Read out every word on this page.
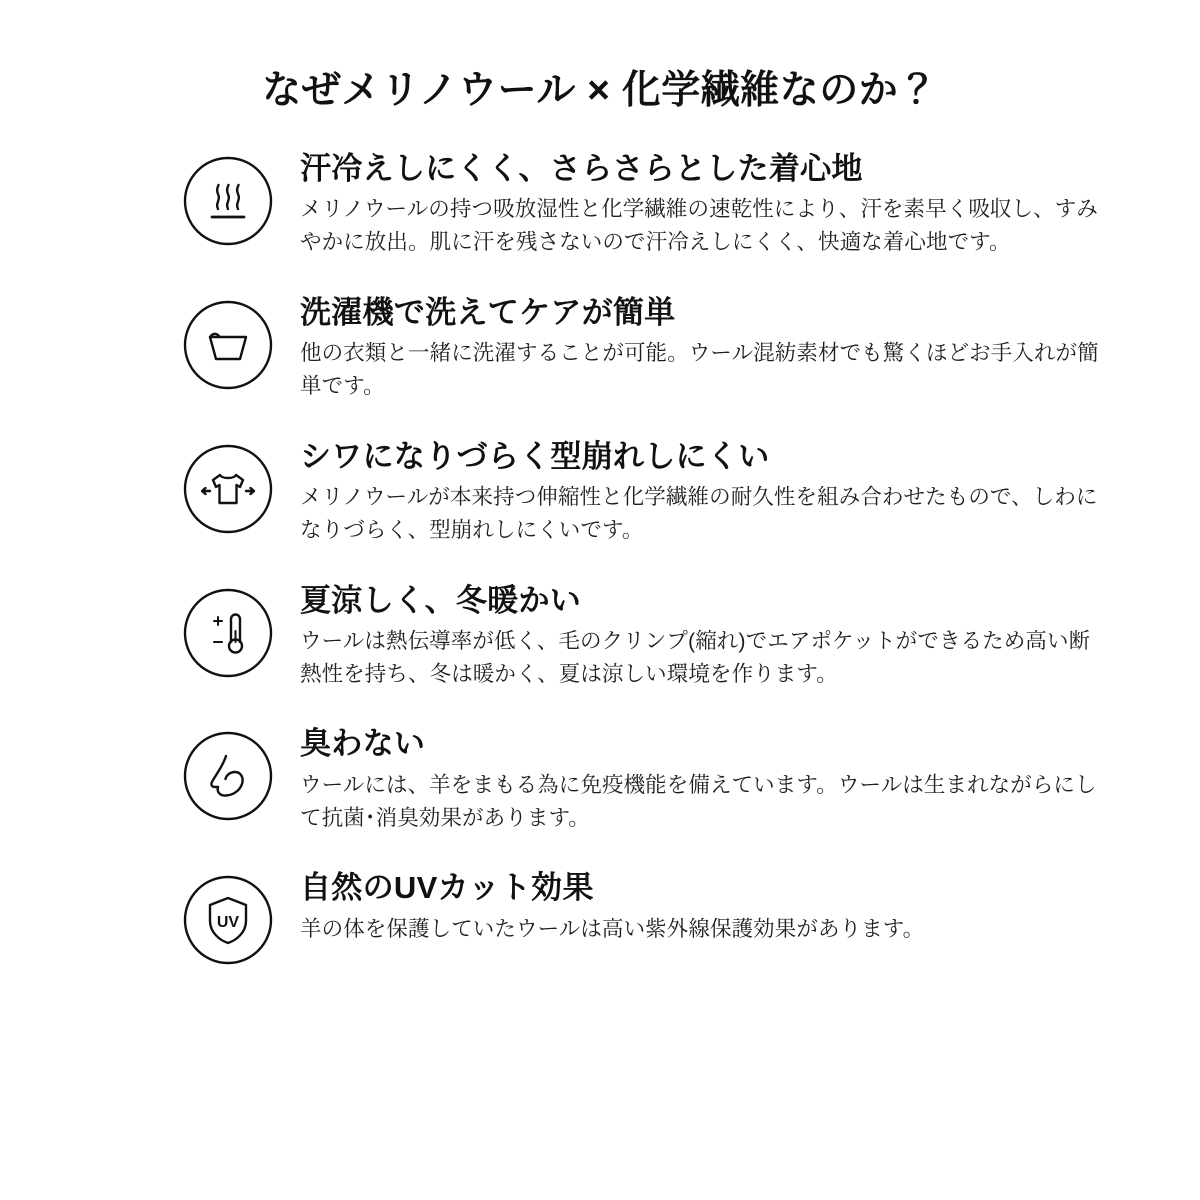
なぜメリノウール × 化学繊維なのか？
汗冷えしにくく、さらさらとした着心地

メリノウールの持つ吸放湿性と化学繊維の速乾性により、汗を素早く吸収し、すみやかに放出。肌に汗を残さないので汗冷えしにくく、快適な着心地です。

洗濯機で洗えてケアが簡単

他の衣類と一緒に洗濯することが可能。ウール混紡素材でも驚くほどお手入れが簡単です。

シワになりづらく型崩れしにくい

メリノウールが本来持つ伸縮性と化学繊維の耐久性を組み合わせたもので、しわになりづらく、型崩れしにくいです。

夏涼しく、冬暖かい

ウールは熱伝導率が低く、毛のクリンプ(縮れ)でエアポケットができるため高い断熱性を持ち、冬は暖かく、夏は涼しい環境を作ります。

臭わない

ウールには、羊をまもる為に免疫機能を備えています。ウールは生まれながらにして抗菌･消臭効果があります。

UV
自然のUVカット効果

羊の体を保護していたウールは高い紫外線保護効果があります。
